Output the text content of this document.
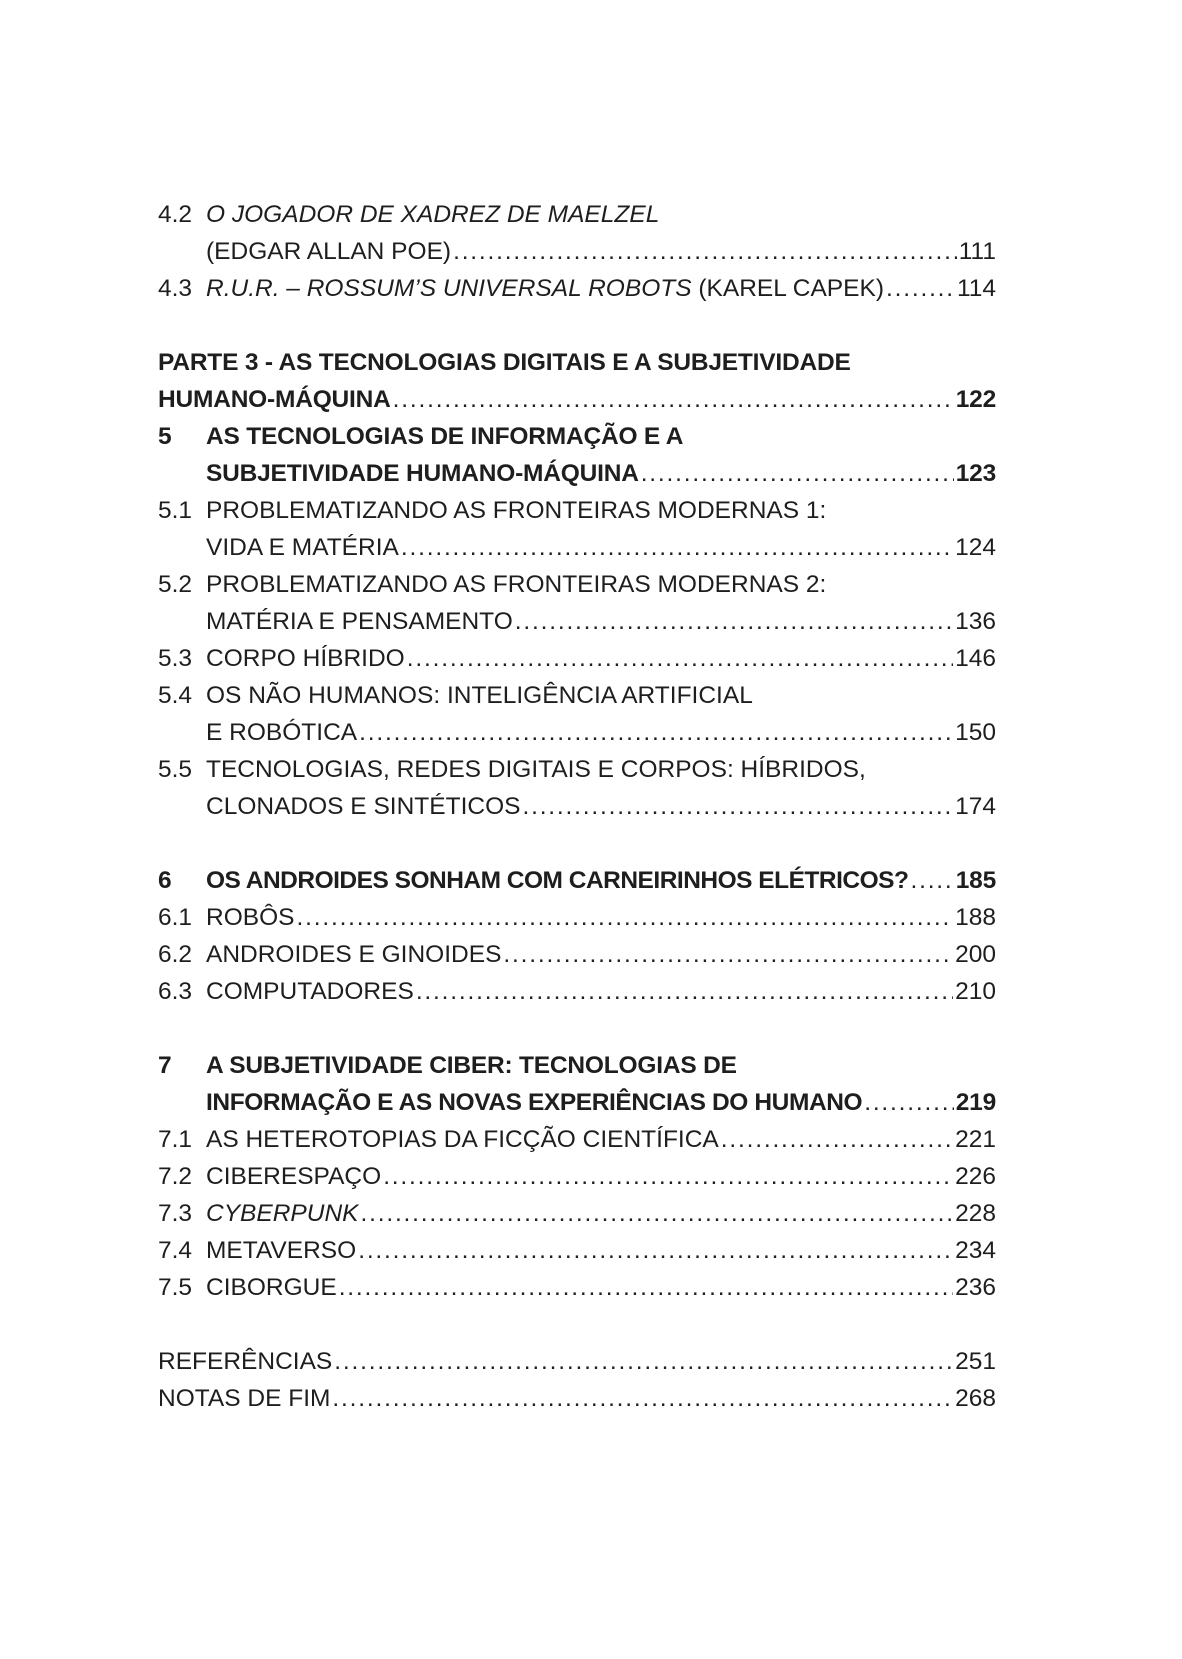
4.2 O JOGADOR DE XADREZ DE MAELZEL
(EDGAR ALLAN POE) . . .	111
4.3 R.U.R. – ROSSUM’S UNIVERSAL ROBOTS (KAREL CAPEK) . . .	114
PARTE 3 - AS TECNOLOGIAS DIGITAIS E A SUBJETIVIDADE
HUMANO-MÁQUINA . . .	122
5	AS TECNOLOGIAS DE INFORMAÇÃO E A
SUBJETIVIDADE HUMANO-MÁQUINA . . .	123
5.1 PROBLEMATIZANDO AS FRONTEIRAS MODERNAS 1:
VIDA E MATÉRIA . . .	124
5.2 PROBLEMATIZANDO AS FRONTEIRAS MODERNAS 2:
MATÉRIA E PENSAMENTO . . .	136
5.3 CORPO HÍBRIDO . . .	146
5.4 OS NÃO HUMANOS: INTELIGÊNCIA ARTIFICIAL
E ROBÓTICA . . .	150
5.5 TECNOLOGIAS, REDES DIGITAIS E CORPOS: HÍBRIDOS,
CLONADOS E SINTÉTICOS . . .	174
6	OS ANDROIDES SONHAM COM CARNEIRINHOS ELÉTRICOS? . . . 185
6.1 ROBÔS . . .	188
6.2 ANDROIDES E GINOIDES . . .	200
6.3 COMPUTADORES . . .	210
7	A SUBJETIVIDADE CIBER: TECNOLOGIAS DE
INFORMAÇÃO E AS NOVAS EXPERIÊNCIAS DO HUMANO . . .	219
7.1 AS HETEROTOPIAS DA FICÇÃO CIENTÍFICA . . .	221
7.2 CIBERESPAÇO . . .	226
7.3 CYBERPUNK . . .	228
7.4 METAVERSO . . .	234
7.5 CIBORGUE . . .	236
REFERÊNCIAS . . .	251
NOTAS DE FIM . . .	268
